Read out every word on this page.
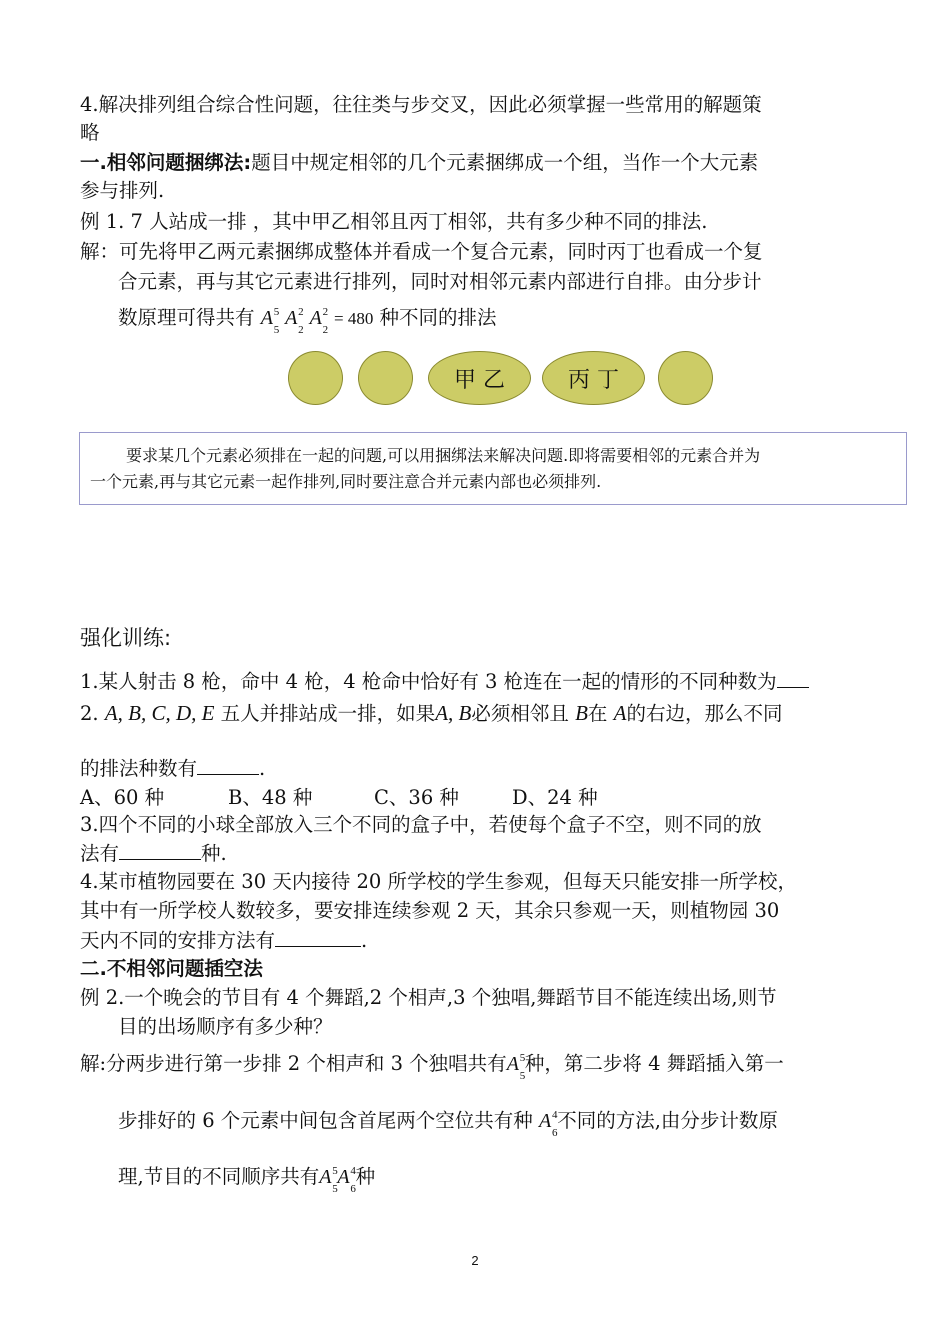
4.解决排列组合综合性问题，往往类与步交叉，因此必须掌握一些常用的解题策
略
一.相邻问题捆绑法:题目中规定相邻的几个元素捆绑成一个组，当作一个大元素
参与排列.
例 1. 7 人站成一排 ，其中甲乙相邻且丙丁相邻，共有多少种不同的排法.
解：可先将甲乙两元素捆绑成整体并看成一个复合元素，同时丙丁也看成一个复
合元素，再与其它元素进行排列，同时对相邻元素内部进行自排。由分步计
数原理可得共有 A 5
5
A 2
2
A 2
2
= 480 种不同的排法
甲 乙	丙 丁

要求某几个元素必须排在一起的问题,可以用捆绑法来解决问题.即将需要相邻的元素合并为

一个元素,再与其它元素一起作排列,同时要注意合并元素内部也必须排列.

强化训练:
1.某人射击 8 枪，命中 4 枪，4 枪命中恰好有 3 枪连在一起的情形的不同种数为
2. A, B, C, D, E 五人并排站成一排，如果A, B必须相邻且 B在 A的右边，那么不同
的排法种数有	.
A、60 种	B、48 种	C、36 种	D、24 种
3.四个不同的小球全部放入三个不同的盒子中，若使每个盒子不空，则不同的放
法有	种.
4.某市植物园要在 30 天内接待 20 所学校的学生参观，但每天只能安排一所学校，
其中有一所学校人数较多，要安排连续参观 2 天，其余只参观一天，则植物园 30
天内不同的安排方法有	.
二.不相邻问题插空法
例 2.一个晚会的节目有 4 个舞蹈,2 个相声,3 个独唱,舞蹈节目不能连续出场,则节
目的出场顺序有多少种？
解:分两步进行第一步排 2 个相声和 3 个独唱共有A 5
5
种，第二步将 4 舞蹈插入第一
步排好的 6 个元素中间包含首尾两个空位共有种 A 4
6
不同的方法,由分步计数原
理,节目的不同顺序共有A 5
5
A 4
6
种
2
